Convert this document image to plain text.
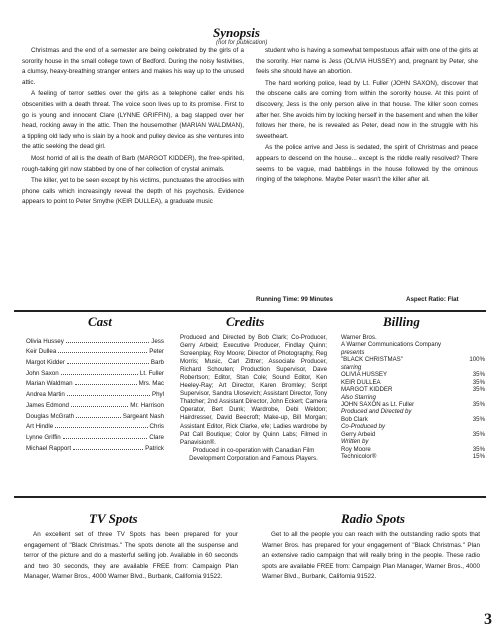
Synopsis
(not for publication)

Christmas and the end of a semester are being celebrated by the girls of a sorority house in the small college town of Bedford. During the noisy festivities, a clumsy, heavy-breathing stranger enters and makes his way up to the unused attic.

A feeling of terror settles over the girls as a telephone caller ends his obscenities with a death threat. The voice soon lives up to its promise. First to go is young and innocent Clare (LYNNE GRIFFIN), a bag slapped over her head, rocking away in the attic. Then the housemother (MARIAN WALDMAN), a tippling old lady who is slain by a hook and pulley device as she ventures into the attic seeking the dead girl.

Most horrid of all is the death of Barb (MARGOT KIDDER), the free-spirited, rough-talking girl now stabbed by one of her collection of crystal animals.

The killer, yet to be seen except by his victims, punctuates the atrocities with phone calls which increasingly reveal the depth of his psychosis. Evidence appears to point to Peter Smythe (KEIR DULLEA), a graduate music

student who is having a somewhat tempestuous affair with one of the girls at the sorority. Her name is Jess (OLIVIA HUSSEY) and, pregnant by Peter, she feels she should have an abortion.

The hard working police, lead by Lt. Fuller (JOHN SAXON), discover that the obscene calls are coming from within the sorority house. At this point of discovery, Jess is the only person alive in that house. The killer soon comes after her. She avoids him by locking herself in the basement and when the killer follows her there, he is revealed as Peter, dead now in the struggle with his sweetheart.

As the police arrive and Jess is sedated, the spirit of Christmas and peace appears to descend on the house... except is the riddle really resolved? There seems to be vague, mad babblings in the house followed by the ominous ringing of the telephone. Maybe Peter wasn't the killer after all.

Running Time: 99 Minutes	Aspect Ratio: Flat
Cast	Credits	Billing
Olivia Hussey	Jess
Keir Dullea	Peter
Margot Kidder	Barb
John Saxon	Lt. Fuller
Marian Waldman	Mrs. Mac
Andrea Martin	Phyl
James Edmond	Mr. Harrison
Douglas McGrath	Sargeant Nash
Art Hindle	Chris
Lynne Griffin	Clare
Michael Rapport	Patrick
Produced and Directed by Bob Clark; Co-Producer, Gerry Arbeid; Executive Producer, Findlay Quinn; Screenplay, Roy Moore; Director of Photography, Reg Morris; Music, Carl Zittrer; Associate Producer, Richard Schouten; Production Supervisor, Dave Robertson; Editor, Stan Cole; Sound Editor, Ken Heeley-Ray; Art Director, Karen Bromley; Script Supervisor, Sandra Ulosevich; Assistant Director, Tony Thatcher; 2nd Assistant Director, John Eckert; Camera Operator, Bert Dunk; Wardrobe, Debi Weldon; Hairdresser, David Beecroft; Make-up, Bill Morgan; Assistant Editor, Rick Clarke, efe; Ladies wardrobe by Pat Call Boutique; Color by Quinn Labs; Filmed in Panavision®.
Produced in co-operation with Canadian Film Development Corporation and Famous Players.
Warner Bros.
A Warner Communications Company
presents
"BLACK CHRISTMAS"	100%
starring
OLIVIA HUSSEY	35%
KEIR DULLEA	35%
MARGOT KIDDER	35%
Also Starring
JOHN SAXON as Lt. Fuller	35%
Produced and Directed by
Bob Clark	35%
Co-Produced by
Gerry Arbeid	35%
Written by
Roy Moore	35%
Technicolor®	15%
TV Spots	Radio Spots

An excellent set of three TV Spots has been prepared for your engagement of "Black Christmas." The spots denote all the suspense and terror of the picture and do a masterful selling job. Available in 60 seconds and two 30 seconds, they are available FREE from: Campaign Plan Manager, Warner Bros., 4000 Warner Blvd., Burbank, California 91522.

Get to all the people you can reach with the outstanding radio spots that Warner Bros. has prepared for your engagement of "Black Christmas." Plan an extensive radio campaign that will really bring in the people. These radio spots are available FREE from: Campaign Plan Manager, Warner Bros., 4000 Warner Blvd., Burbank, California 91522.

3
